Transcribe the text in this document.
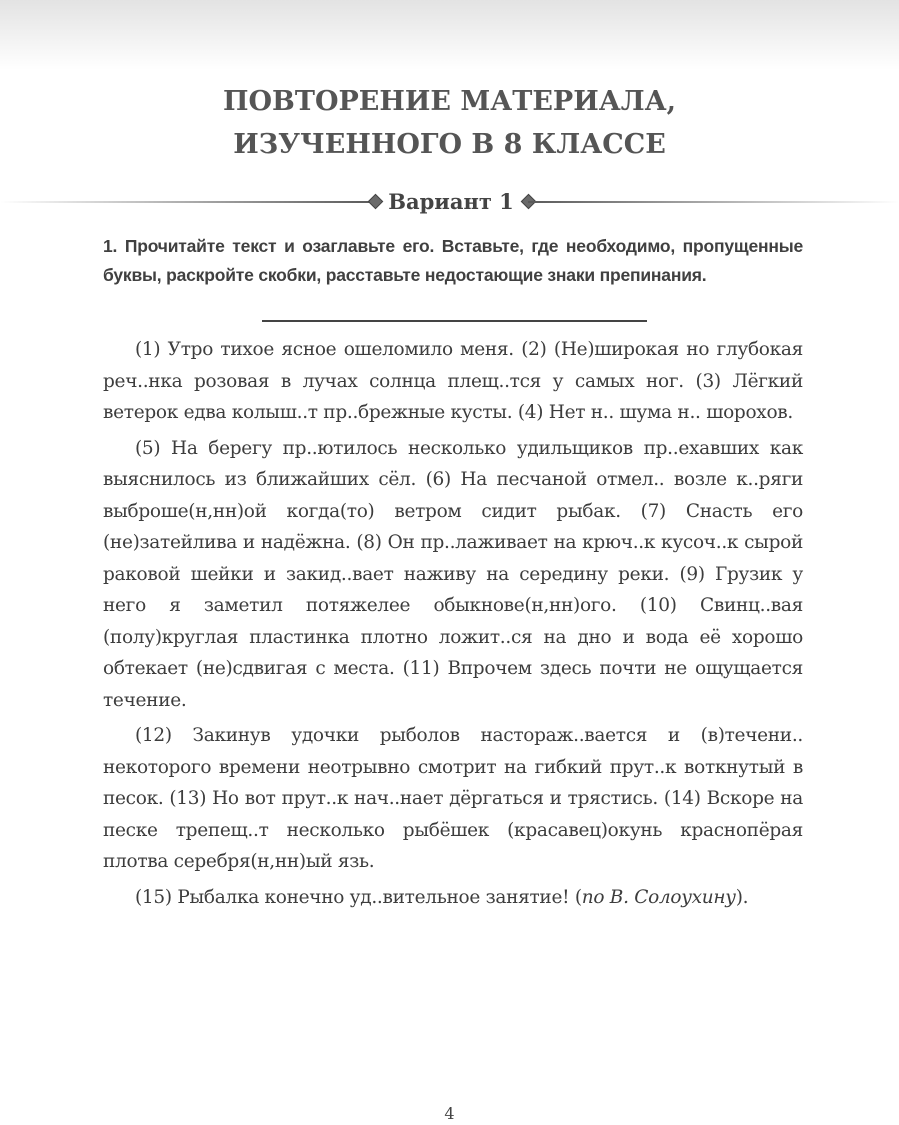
ПОВТОРЕНИЕ МАТЕРИАЛА,
ИЗУЧЕННОГО В 8 КЛАССЕ
Вариант 1

1. Прочитайте текст и озаглавьте его. Вставьте, где необходимо, пропущенные буквы, раскройте скобки, расставьте недостающие знаки препинания.

(1) Утро тихое ясное ошеломило меня. (2) (Не)широкая но глубокая реч..нка розовая в лучах солнца плещ..тся у самых ног. (3) Лёгкий ветерок едва колыш..т пр..брежные кусты. (4) Нет н.. шума н.. шорохов.

(5) На берегу пр..ютилось несколько удильщиков пр..ехавших как выяснилось из ближайших сёл. (6) На песчаной отмел.. возле к..ряги выброше(н,нн)ой когда(то) ветром сидит рыбак. (7) Снасть его (не)затейлива и надёжна. (8) Он пр..лаживает на крюч..к кусоч..к сырой раковой шейки и закид..вает наживу на середину реки. (9) Грузик у него я заметил потяжелее обыкнове(н,нн)ого. (10) Свинц..вая (полу)круглая пластинка плотно ложит..ся на дно и вода её хорошо обтекает (не)сдвигая с места. (11) Впрочем здесь почти не ощущается течение.

(12) Закинув удочки рыболов настораж..вается и (в)течени.. некоторого времени неотрывно смотрит на гибкий прут..к воткнутый в песок. (13) Но вот прут..к нач..нает дёргаться и трястись. (14) Вскоре на песке трепещ..т несколько рыбёшек (красавец)окунь краснопёрая плотва серебря(н,нн)ый язь.

(15) Рыбалка конечно уд..вительное занятие! (по В. Солоухину).

4
